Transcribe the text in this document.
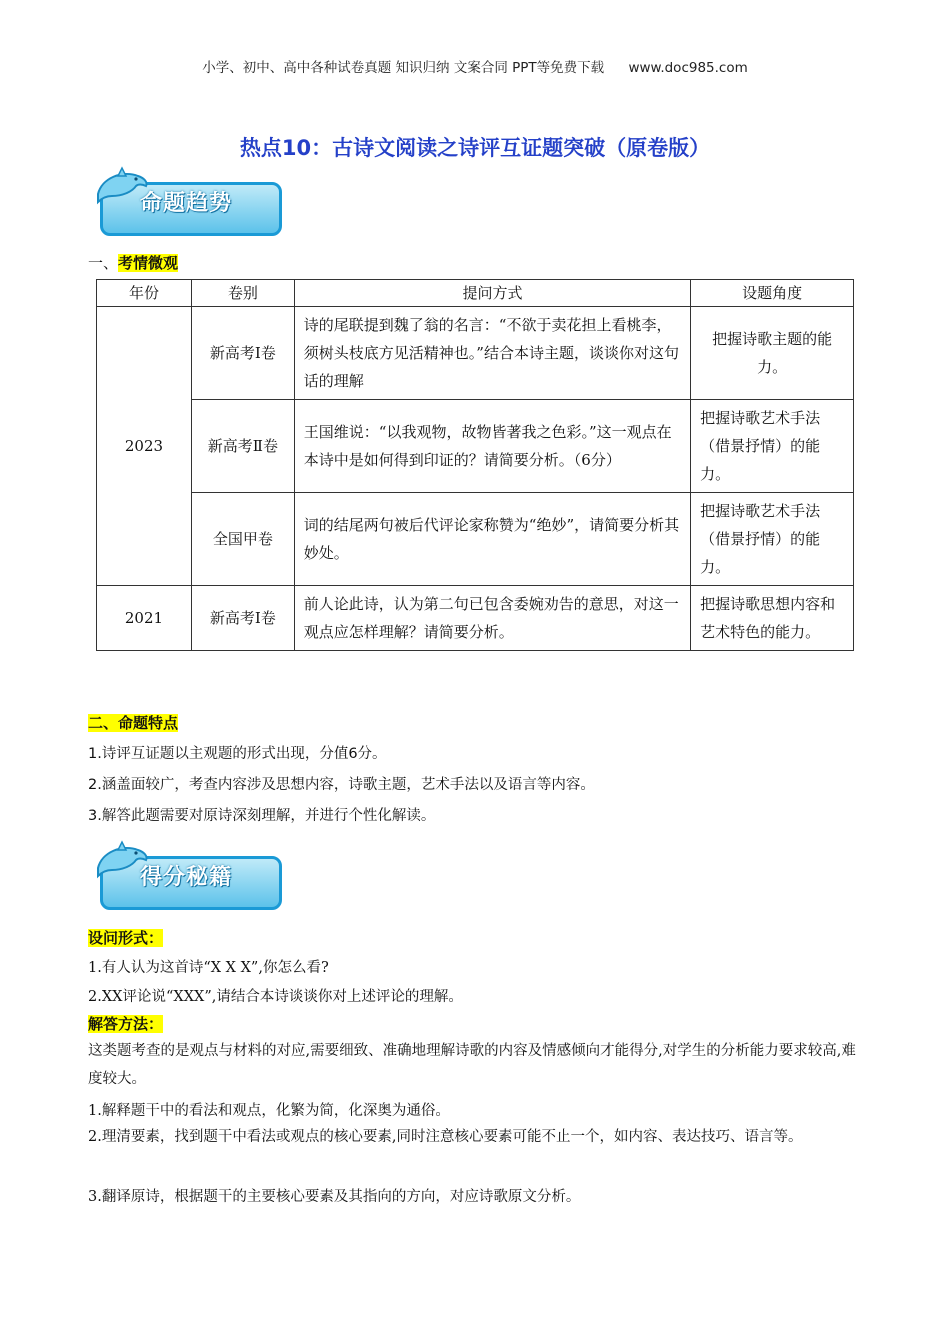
小学、初中、高中各种试卷真题 知识归纳 文案合同 PPT等免费下载 www.doc985.com
热点10：古诗文阅读之诗评互证题突破（原卷版）
命题趋势
一、考情微观
年份	卷别	提问方式	设题角度
2023	新高考Ⅰ卷	诗的尾联提到魏了翁的名言：“不欲于卖花担上看桃李，须树头枝底方见活精神也。”结合本诗主题，谈谈你对这句话的理解	把握诗歌主题的能力。
	新高考Ⅱ卷	王国维说：“以我观物，故物皆著我之色彩。”这一观点在本诗中是如何得到印证的？请简要分析。（6分）	把握诗歌艺术手法（借景抒情）的能力。
	全国甲卷	词的结尾两句被后代评论家称赞为“绝妙”，请简要分析其妙处。	把握诗歌艺术手法（借景抒情）的能力。
2021	新高考Ⅰ卷	前人论此诗，认为第二句已包含委婉劝告的意思，对这一观点应怎样理解？请简要分析。	把握诗歌思想内容和艺术特色的能力。
二、命题特点
1.诗评互证题以主观题的形式出现，分值6分。
2.涵盖面较广，考查内容涉及思想内容，诗歌主题，艺术手法以及语言等内容。
3.解答此题需要对原诗深刻理解，并进行个性化解读。
得分秘籍
设问形式：
1.有人认为这首诗“X X X”,你怎么看?
2.XX评论说“XXX”,请结合本诗谈谈你对上述评论的理解。
解答方法：
这类题考查的是观点与材料的对应,需要细致、准确地理解诗歌的内容及情感倾向才能得分,对学生的分析能力要求较高,难度较大。
1.解释题干中的看法和观点，化繁为简，化深奥为通俗。
2.理清要素，找到题干中看法或观点的核心要素,同时注意核心要素可能不止一个，如内容、表达技巧、语言等。
3.翻译原诗，根据题干的主要核心要素及其指向的方向，对应诗歌原文分析。
